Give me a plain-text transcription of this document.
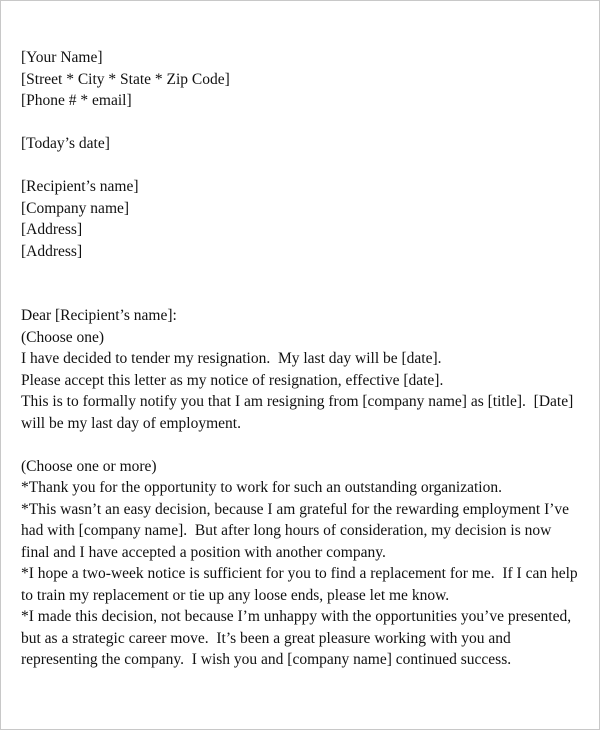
[Your Name]
[Street * City * State * Zip Code]
[Phone # * email]
[Today’s date]
[Recipient’s name]
[Company name]
[Address]
[Address]
Dear [Recipient’s name]:
(Choose one)
I have decided to tender my resignation.  My last day will be [date].
Please accept this letter as my notice of resignation, effective [date].
This is to formally notify you that I am resigning from [company name] as [title].  [Date]
will be my last day of employment.
(Choose one or more)
*Thank you for the opportunity to work for such an outstanding organization.
*This wasn’t an easy decision, because I am grateful for the rewarding employment I’ve
had with [company name].  But after long hours of consideration, my decision is now
final and I have accepted a position with another company.
*I hope a two-week notice is sufficient for you to find a replacement for me.  If I can help
to train my replacement or tie up any loose ends, please let me know.
*I made this decision, not because I’m unhappy with the opportunities you’ve presented,
but as a strategic career move.  It’s been a great pleasure working with you and
representing the company.  I wish you and [company name] continued success.
